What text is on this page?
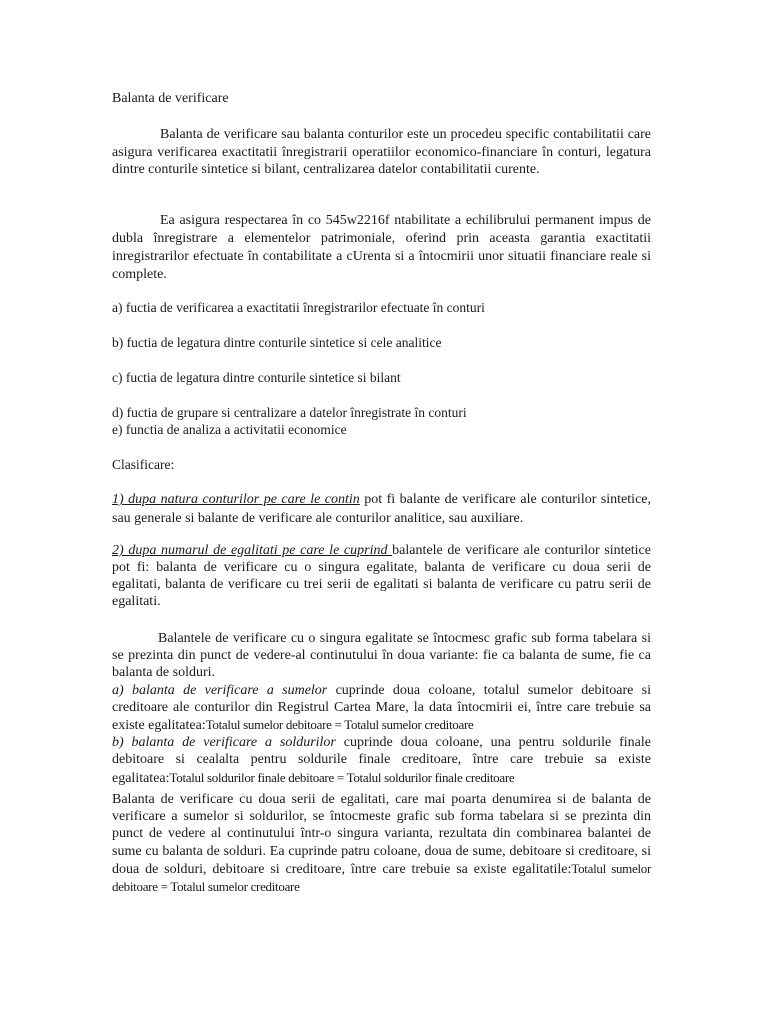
Balanta de verificare

Balanta de verificare sau balanta conturilor este un procedeu specific contabilitatii care asigura verificarea exactitatii înregistrarii operatiilor economico-financiare în conturi, legatura dintre conturile sintetice si bilant, centralizarea datelor contabilitatii curente.

Ea asigura respectarea în co 545w2216f ntabilitate a echilibrului permanent impus de dubla înregistrare a elementelor patrimoniale, oferind prin aceasta garantia exactitatii inregistrarilor efectuate în contabilitate a cUrenta si a întocmirii unor situatii financiare reale si complete.

a) fuctia de verificarea a exactitatii înregistrarilor efectuate în conturi

b) fuctia de legatura dintre conturile sintetice si cele analitice

c) fuctia de legatura dintre conturile sintetice si bilant

d) fuctia de grupare si centralizare a datelor înregistrate în conturi
e) functia de analiza a activitatii economice

Clasificare:

1) dupa natura conturilor pe care le contin pot fi balante de verificare ale conturilor sintetice, sau generale si balante de verificare ale conturilor analitice, sau auxiliare.

2) dupa numarul de egalitati pe care le cuprind balantele de verificare ale conturilor sintetice pot fi: balanta de verificare cu o singura egalitate, balanta de verificare cu doua serii de egalitati, balanta de verificare cu trei serii de egalitati si balanta de verificare cu patru serii de egalitati.

Balantele de verificare cu o singura egalitate se întocmesc grafic sub forma tabelara si se prezinta din punct de vedere-al continutului în doua variante: fie ca balanta de sume, fie ca balanta de solduri.
a) balanta de verificare a sumelor cuprinde doua coloane, totalul sumelor debitoare si creditoare ale conturilor din Registrul Cartea Mare, la data întocmirii ei, între care trebuie sa existe egalitatea:Totalul sumelor debitoare = Totalul sumelor creditoare
b) balanta de verificare a soldurilor cuprinde doua coloane, una pentru soldurile finale debitoare si cealalta pentru soldurile finale creditoare, între care trebuie sa existe egalitatea:Totalul soldurilor finale debitoare = Totalul soldurilor finale creditoare

Balanta de verificare cu doua serii de egalitati, care mai poarta denumirea si de balanta de verificare a sumelor si soldurilor, se întocmeste grafic sub forma tabelara si se prezinta din punct de vedere al continutului într-o singura varianta, rezultata din combinarea balantei de sume cu balanta de solduri. Ea cuprinde patru coloane, doua de sume, debitoare si creditoare, si doua de solduri, debitoare si creditoare, între care trebuie sa existe egalitatile:Totalul sumelor debitoare = Totalul sumelor creditoare
